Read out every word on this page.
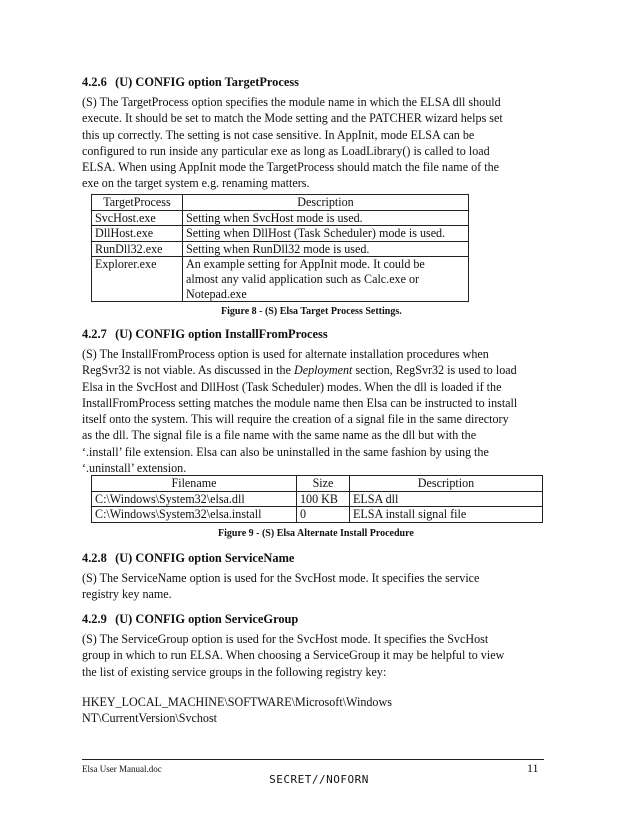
4.2.6 (U) CONFIG option TargetProcess

(S) The TargetProcess option specifies the module name in which the ELSA dll should
execute. It should be set to match the Mode setting and the PATCHER wizard helps set
this up correctly. The setting is not case sensitive. In AppInit, mode ELSA can be
configured to run inside any particular exe as long as LoadLibrary() is called to load
ELSA. When using AppInit mode the TargetProcess should match the file name of the
exe on the target system e.g. renaming matters.

TargetProcess	Description
SvcHost.exe	Setting when SvcHost mode is used.

DllHost.exe	Setting when DllHost (Task Scheduler) mode is used.

RunDll32.exe	Setting when RunDll32 mode is used.

Explorer.exe	An example setting for AppInit mode. It could be
almost any valid application such as Calc.exe or
Notepad.exe
Figure 8 - (S) Elsa Target Process Settings.
4.2.7 (U) CONFIG option InstallFromProcess

(S) The InstallFromProcess option is used for alternate installation procedures when
RegSvr32 is not viable. As discussed in the Deployment section, RegSvr32 is used to load
Elsa in the SvcHost and DllHost (Task Scheduler) modes. When the dll is loaded if the
InstallFromProcess setting matches the module name then Elsa can be instructed to install
itself onto the system. This will require the creation of a signal file in the same directory
as the dll. The signal file is a file name with the same name as the dll but with the
‘.install’ file extension. Elsa can also be uninstalled in the same fashion by using the
‘.uninstall’ extension.

Filename	Size	Description
C:\Windows\System32\elsa.dll	100 KB	ELSA dll
C:\Windows\System32\elsa.install	0	ELSA install signal file
Figure 9 - (S) Elsa Alternate Install Procedure
4.2.8 (U) CONFIG option ServiceName

(S) The ServiceName option is used for the SvcHost mode. It specifies the service
registry key name.

4.2.9 (U) CONFIG option ServiceGroup

(S) The ServiceGroup option is used for the SvcHost mode. It specifies the SvcHost
group in which to run ELSA. When choosing a ServiceGroup it may be helpful to view
the list of existing service groups in the following registry key:

HKEY_LOCAL_MACHINE\SOFTWARE\Microsoft\Windows
NT\CurrentVersion\Svchost

Elsa User Manual.doc	11
SECRET//NOFORN
